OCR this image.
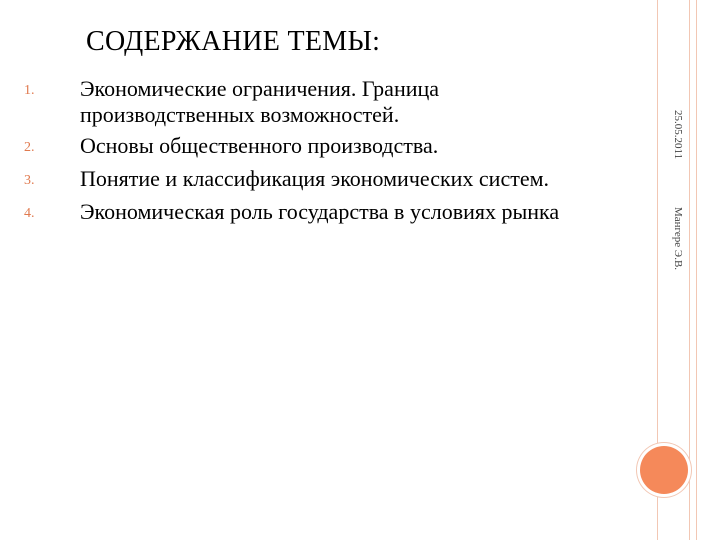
СОДЕРЖАНИЕ ТЕМЫ:
1.	Экономические ограничения. Граница производственных возможностей.
2.	Основы общественного производства.
3.	Понятие и классификация экономических систем.
4.	Экономическая роль государства в условиях рынка
25.05.2011
Мангере Э.В.
